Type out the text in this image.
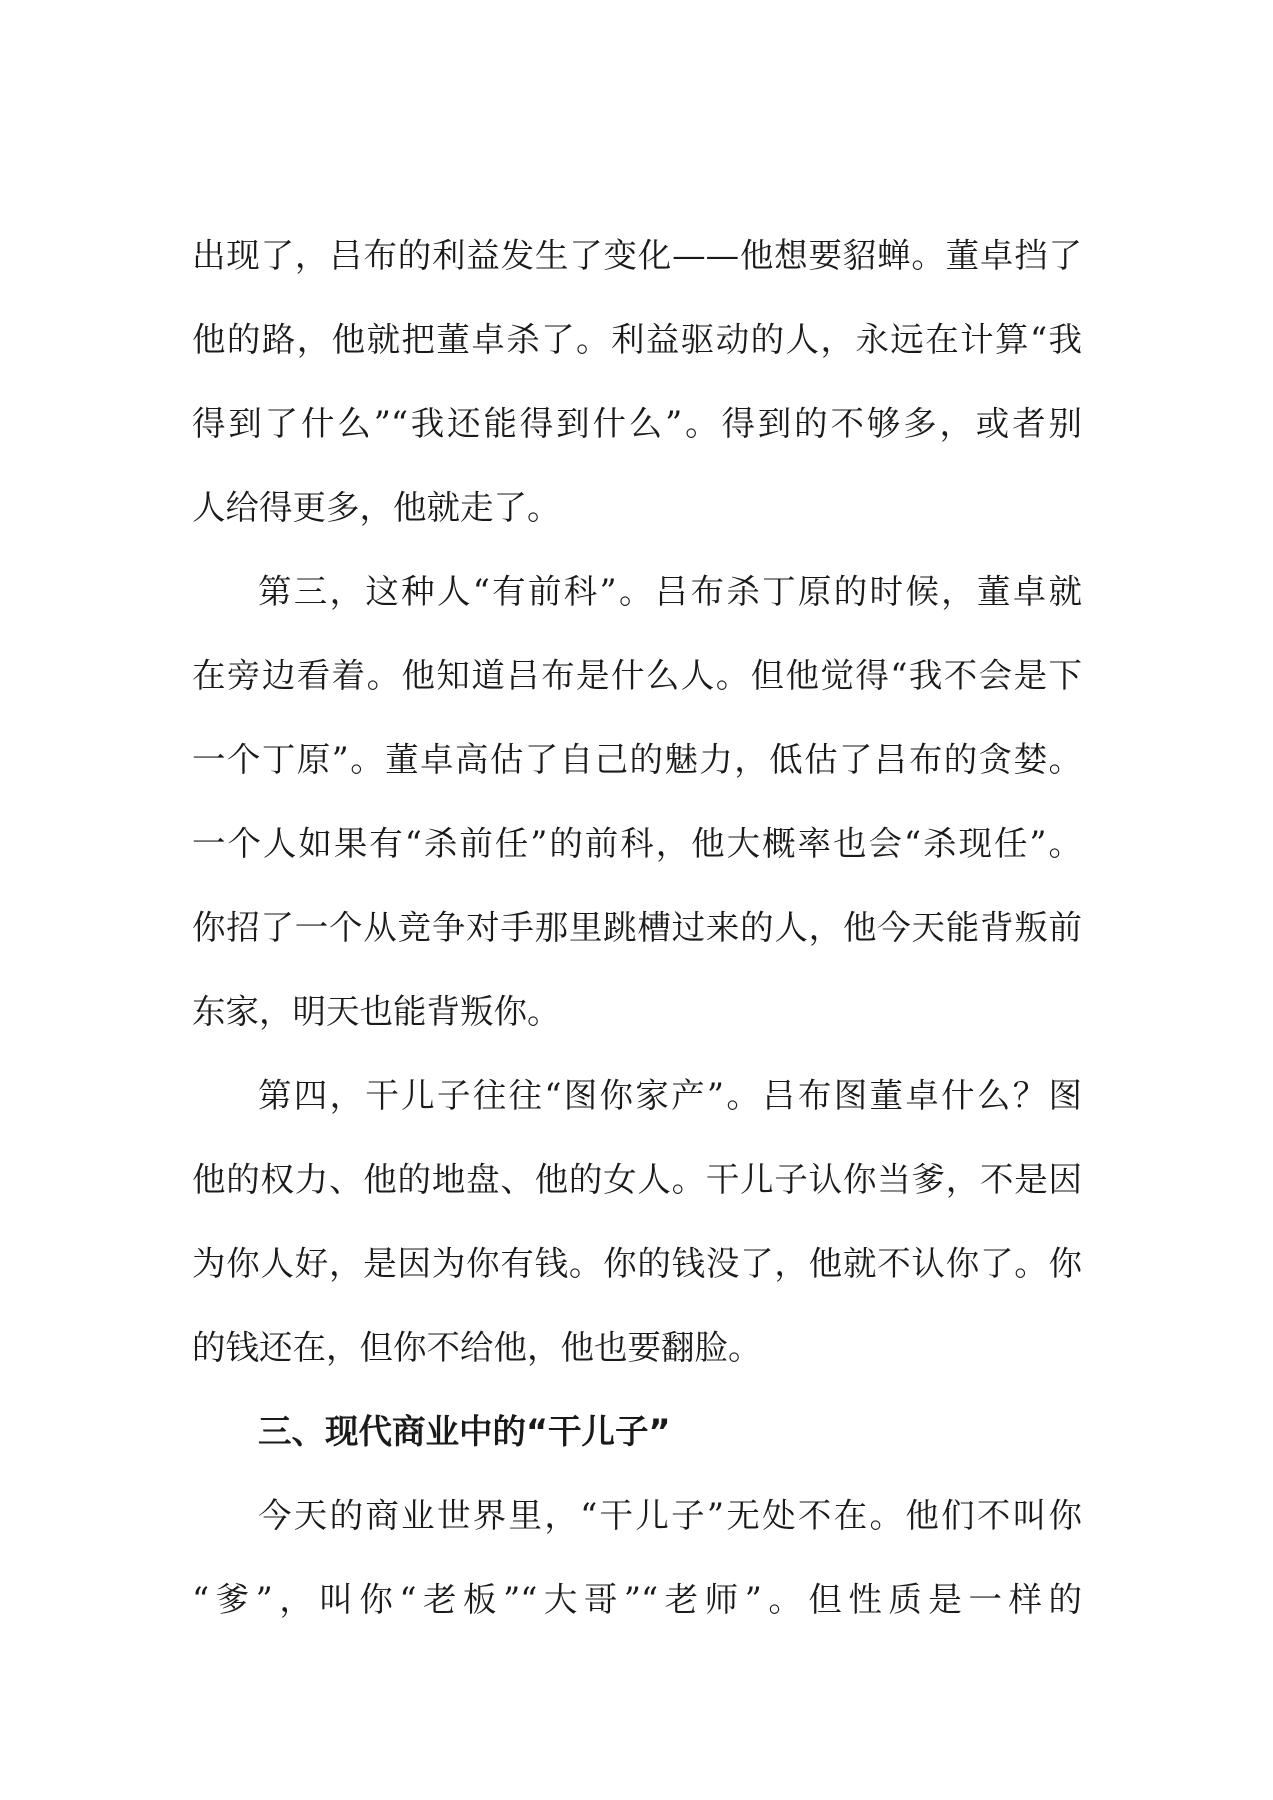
出现了，吕布的利益发生了变化——他想要貂蝉。董卓挡了
他的路，他就把董卓杀了。利益驱动的人，永远在计算“我
得到了什么”“我还能得到什么”。得到的不够多，或者别
人给得更多，他就走了。
第三，这种人“有前科”。吕布杀丁原的时候，董卓就
在旁边看着。他知道吕布是什么人。但他觉得“我不会是下
一个丁原”。董卓高估了自己的魅力，低估了吕布的贪婪。
一个人如果有“杀前任”的前科，他大概率也会“杀现任”。
你招了一个从竞争对手那里跳槽过来的人，他今天能背叛前
东家，明天也能背叛你。
第四，干儿子往往“图你家产”。吕布图董卓什么？图
他的权力、他的地盘、他的女人。干儿子认你当爹，不是因
为你人好，是因为你有钱。你的钱没了，他就不认你了。你
的钱还在，但你不给他，他也要翻脸。
三、现代商业中的“干儿子”
今天的商业世界里，“干儿子”无处不在。他们不叫你
“爹”，叫你“老板”“大哥”“老师”。但性质是一样的
